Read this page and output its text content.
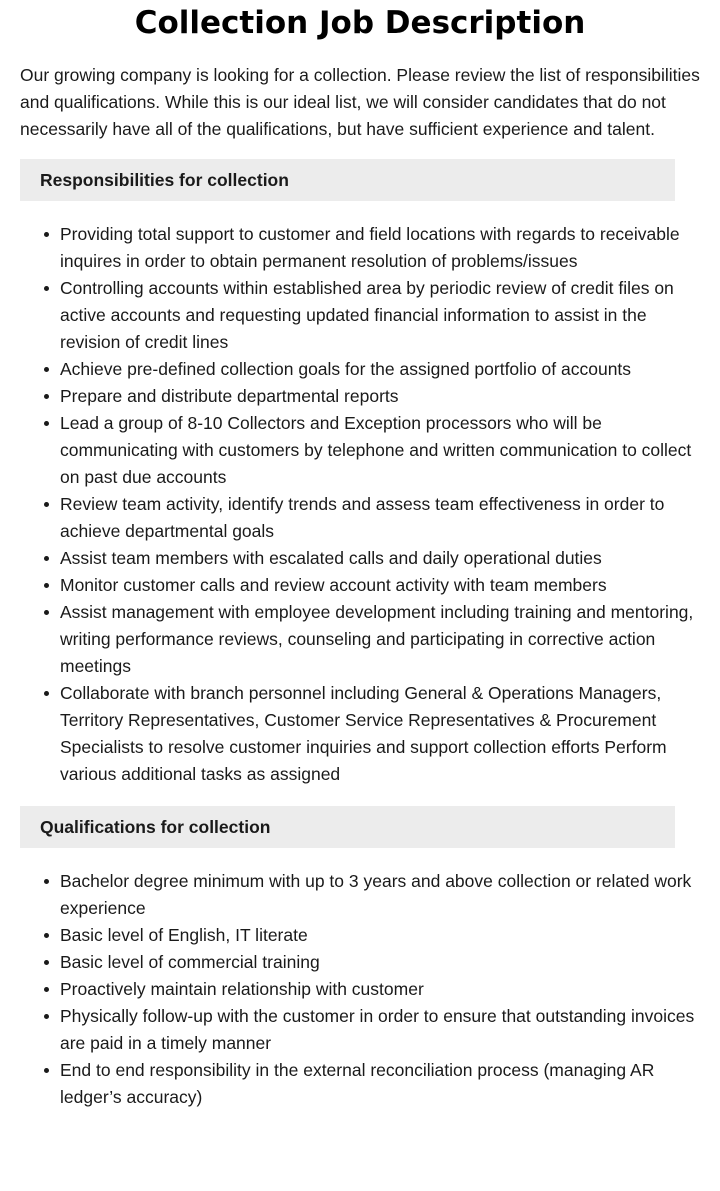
Collection Job Description

Our growing company is looking for a collection. Please review the list of responsibilities and qualifications. While this is our ideal list, we will consider candidates that do not necessarily have all of the qualifications, but have sufficient experience and talent.

Responsibilities for collection
Providing total support to customer and field locations with regards to receivable inquires in order to obtain permanent resolution of problems/issues
Controlling accounts within established area by periodic review of credit files on active accounts and requesting updated financial information to assist in the revision of credit lines
Achieve pre-defined collection goals for the assigned portfolio of accounts
Prepare and distribute departmental reports
Lead a group of 8-10 Collectors and Exception processors who will be communicating with customers by telephone and written communication to collect on past due accounts
Review team activity, identify trends and assess team effectiveness in order to achieve departmental goals
Assist team members with escalated calls and daily operational duties
Monitor customer calls and review account activity with team members
Assist management with employee development including training and mentoring, writing performance reviews, counseling and participating in corrective action meetings
Collaborate with branch personnel including General & Operations Managers, Territory Representatives, Customer Service Representatives & Procurement Specialists to resolve customer inquiries and support collection efforts Perform various additional tasks as assigned
Qualifications for collection
Bachelor degree minimum with up to 3 years and above collection or related work experience
Basic level of English, IT literate
Basic level of commercial training
Proactively maintain relationship with customer
Physically follow-up with the customer in order to ensure that outstanding invoices are paid in a timely manner
End to end responsibility in the external reconciliation process (managing AR ledger’s accuracy)
